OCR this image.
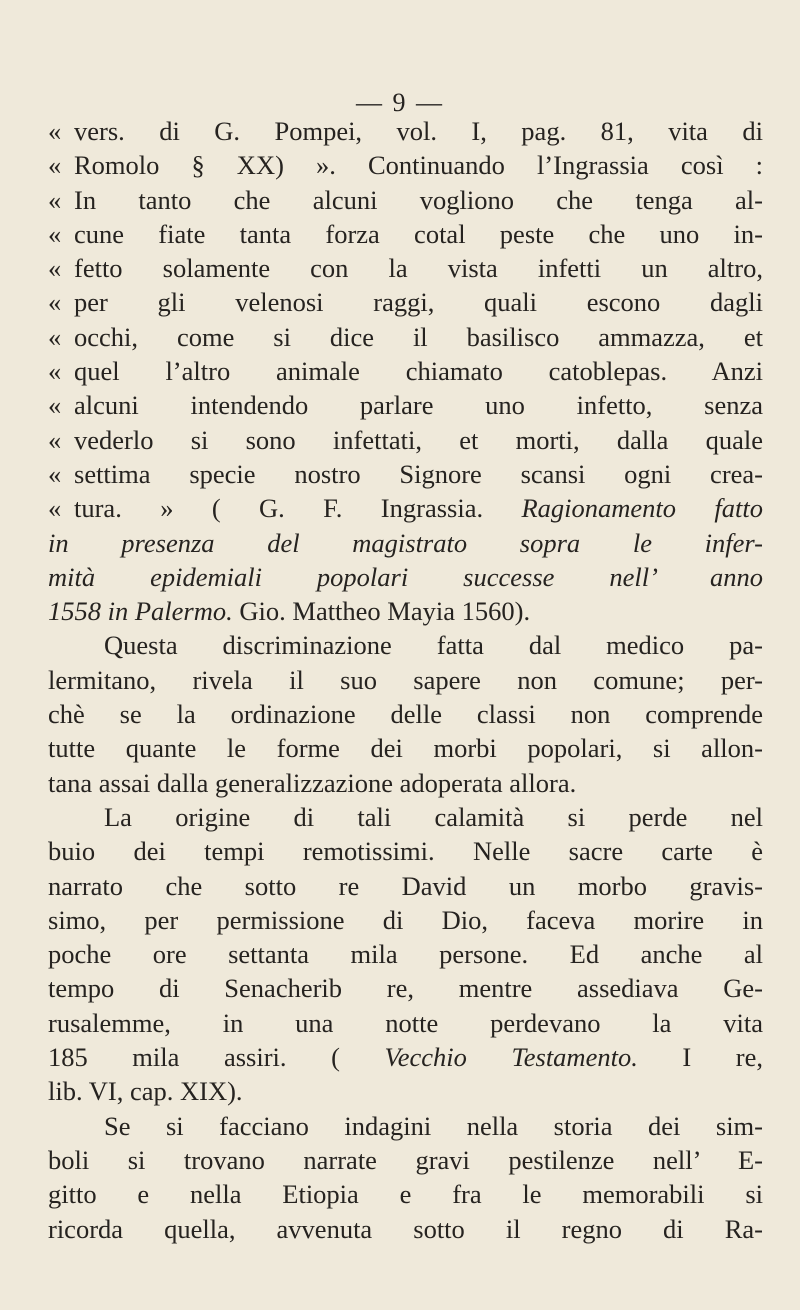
— 9 —
« vers. di G. Pompei, vol. I, pag. 81, vita di
« Romolo § XX) ». Continuando l’Ingrassia così :
« In tanto che alcuni vogliono che tenga al-
« cune fiate tanta forza cotal peste che uno in-
« fetto solamente con la vista infetti un altro,
« per gli velenosi raggi, quali escono dagli
« occhi, come si dice il basilisco ammazza, et
« quel l’altro animale chiamato catoblepas. Anzi
« alcuni intendendo parlare uno infetto, senza
« vederlo si sono infettati, et morti, dalla quale
« settima specie nostro Signore scansi ogni crea-
« tura. » ( G. F. Ingrassia. Ragionamento fatto
in presenza del magistrato sopra le infer-
mità epidemiali popolari successe nell’ anno
1558 in Palermo. Gio. Mattheo Mayia 1560).
Questa discriminazione fatta dal medico pa-
lermitano, rivela il suo sapere non comune; per-
chè se la ordinazione delle classi non comprende
tutte quante le forme dei morbi popolari, si allon-
tana assai dalla generalizzazione adoperata allora.
La origine di tali calamità si perde nel
buio dei tempi remotissimi. Nelle sacre carte è
narrato che sotto re David un morbo gravis-
simo, per permissione di Dio, faceva morire in
poche ore settanta mila persone. Ed anche al
tempo di Senacherib re, mentre assediava Ge-
rusalemme, in una notte perdevano la vita
185 mila assiri. ( Vecchio Testamento. I re,
lib. VI, cap. XIX).
Se si facciano indagini nella storia dei sim-
boli si trovano narrate gravi pestilenze nell’ E-
gitto e nella Etiopia e fra le memorabili si
ricorda quella, avvenuta sotto il regno di Ra-
